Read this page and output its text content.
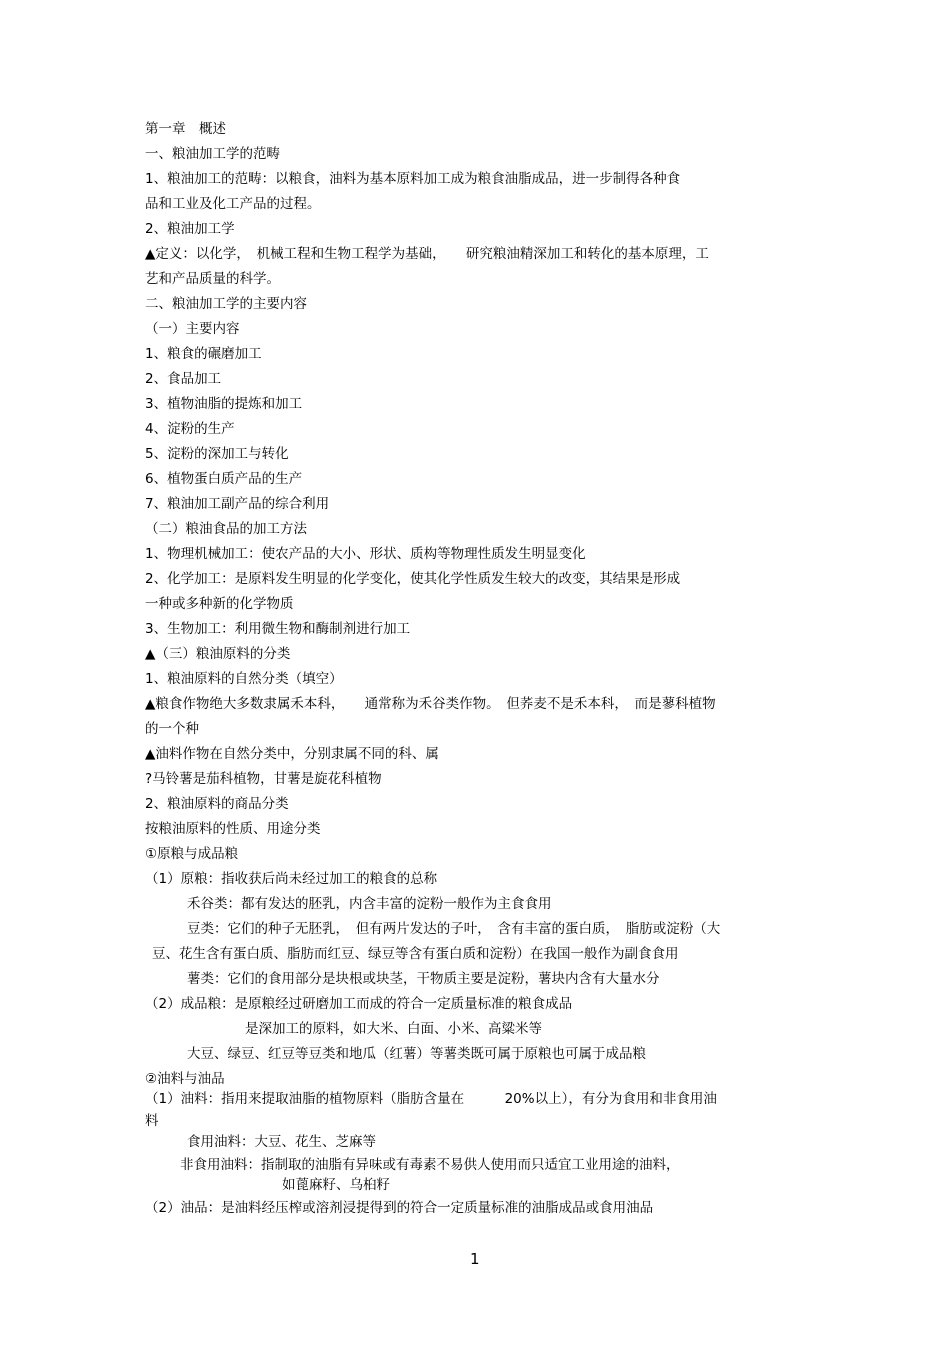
第一章　概述
一、粮油加工学的范畴
1、粮油加工的范畴：以粮食，油料为基本原料加工成为粮食油脂成品，进一步制得各种食
品和工业及化工产品的过程。
2、粮油加工学
▲定义：以化学，　机械工程和生物工程学为基础，　　研究粮油精深加工和转化的基本原理，工
艺和产品质量的科学。
二、粮油加工学的主要内容
（一）主要内容
1、粮食的碾磨加工
2、食品加工
3、植物油脂的提炼和加工
4、淀粉的生产
5、淀粉的深加工与转化
6、植物蛋白质产品的生产
7、粮油加工副产品的综合利用
（二）粮油食品的加工方法
1、物理机械加工：使农产品的大小、形状、质构等物理性质发生明显变化
2、化学加工：是原料发生明显的化学变化，使其化学性质发生较大的改变，其结果是形成
一种或多种新的化学物质
3、生物加工：利用微生物和酶制剂进行加工
▲（三）粮油原料的分类
1、粮油原料的自然分类（填空）
▲粮食作物绝大多数隶属禾本科，　　通常称为禾谷类作物。　但荞麦不是禾本科，　而是蓼科植物
的一个种
▲油料作物在自然分类中，分别隶属不同的科、属
?马铃薯是茄科植物，甘薯是旋花科植物
2、粮油原料的商品分类
按粮油原料的性质、用途分类
①原粮与成品粮
（1）原粮：指收获后尚未经过加工的粮食的总称
禾谷类：都有发达的胚乳，内含丰富的淀粉一般作为主食食用
豆类：它们的种子无胚乳，　但有两片发达的子叶，　含有丰富的蛋白质，　脂肪或淀粉（大
豆、花生含有蛋白质、脂肪而红豆、绿豆等含有蛋白质和淀粉）在我国一般作为副食食用
薯类：它们的食用部分是块根或块茎，干物质主要是淀粉，薯块内含有大量水分
（2）成品粮：是原粮经过研磨加工而成的符合一定质量标准的粮食成品
是深加工的原料，如大米、白面、小米、高粱米等
大豆、绿豆、红豆等豆类和地瓜（红薯）等薯类既可属于原粮也可属于成品粮
②油料与油品
（1）油料：指用来提取油脂的植物原料（脂肪含量在　　　20%以上），有分为食用和非食用油
料
食用油料：大豆、花生、芝麻等
非食用油料：指制取的油脂有异味或有毒素不易供人使用而只适宜工业用途的油料，
如蓖麻籽、乌桕籽
（2）油品：是油料经压榨或溶剂浸提得到的符合一定质量标准的油脂成品或食用油品
1
